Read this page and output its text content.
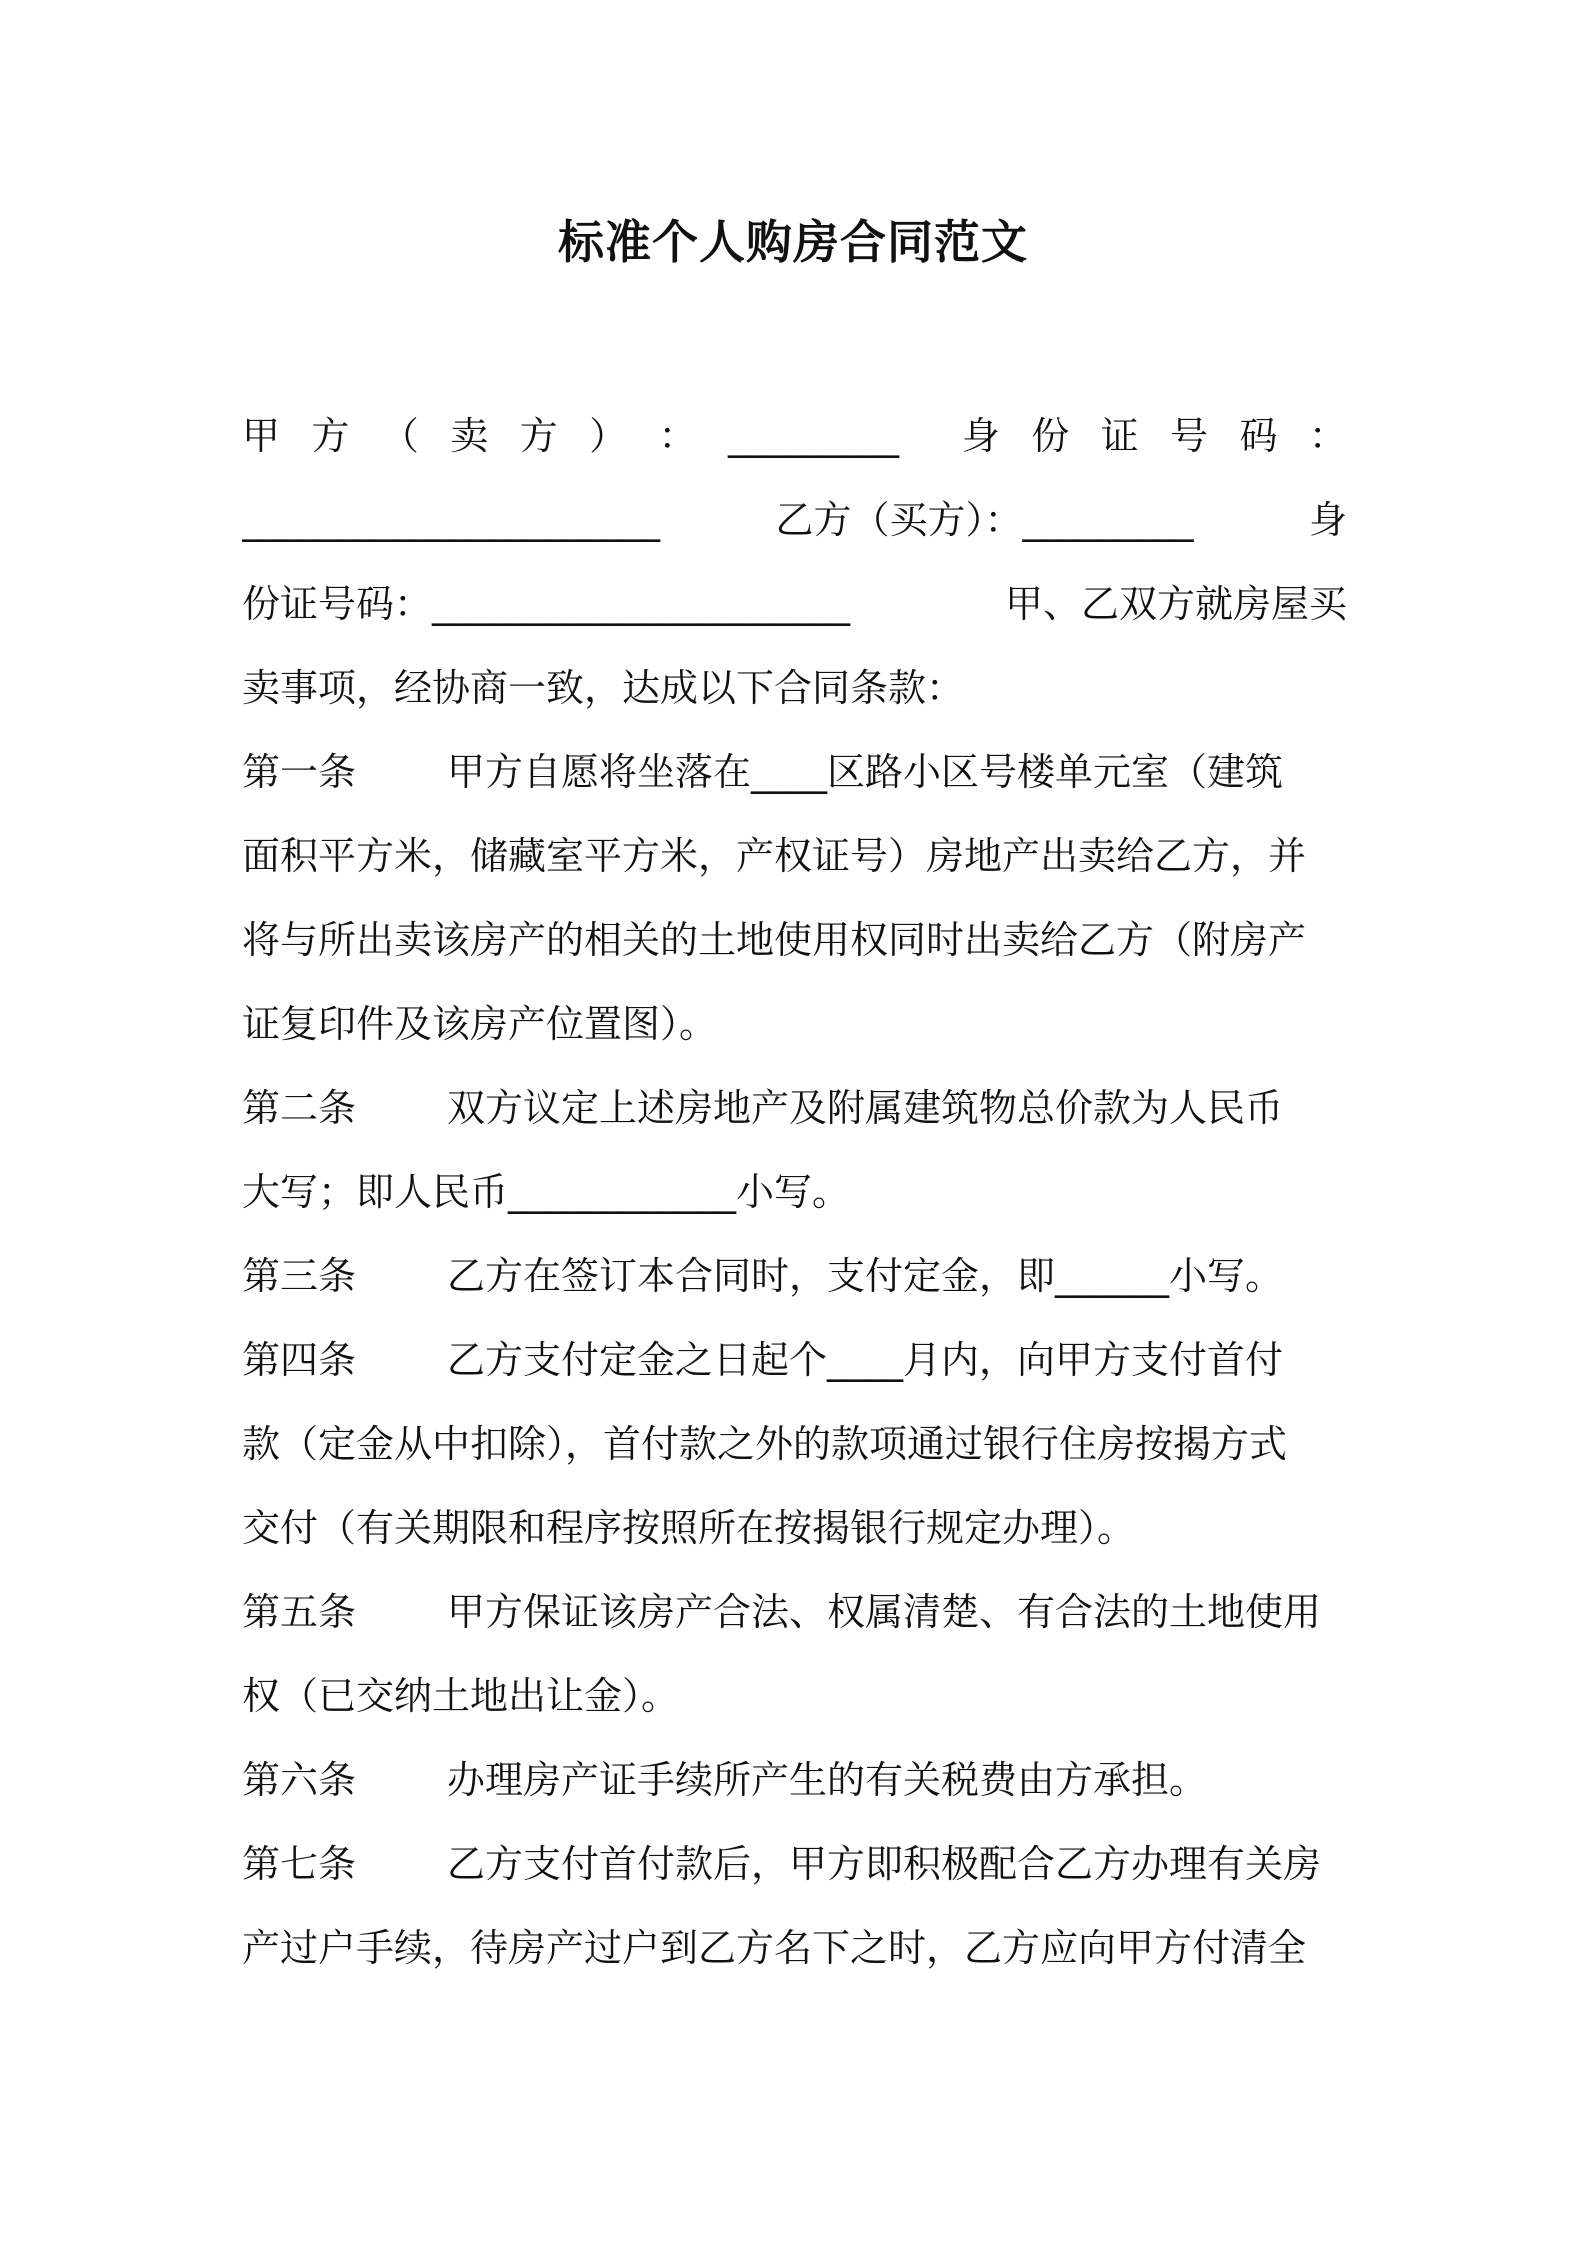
标准个人购房合同范文
甲 方 （ 卖 方 ） ： _________ 身 份 证 号 码 ：
______________________	乙方（买方）：_________	身
份证号码：______________________	甲、乙双方就房屋买
卖事项，经协商一致，达成以下合同条款：
第一条 甲方自愿将坐落在____区路小区号楼单元室（建筑
面积平方米，储藏室平方米，产权证号）房地产出卖给乙方，并
将与所出卖该房产的相关的土地使用权同时出卖给乙方（附房产
证复印件及该房产位置图）。
第二条 双方议定上述房地产及附属建筑物总价款为人民币
大写；即人民币____________小写。
第三条 乙方在签订本合同时，支付定金，即______小写。
第四条 乙方支付定金之日起个____月内，向甲方支付首付
款（定金从中扣除），首付款之外的款项通过银行住房按揭方式
交付（有关期限和程序按照所在按揭银行规定办理）。
第五条 甲方保证该房产合法、权属清楚、有合法的土地使用
权（已交纳土地出让金）。
第六条 办理房产证手续所产生的有关税费由方承担。
第七条 乙方支付首付款后，甲方即积极配合乙方办理有关房
产过户手续，待房产过户到乙方名下之时，乙方应向甲方付清全
